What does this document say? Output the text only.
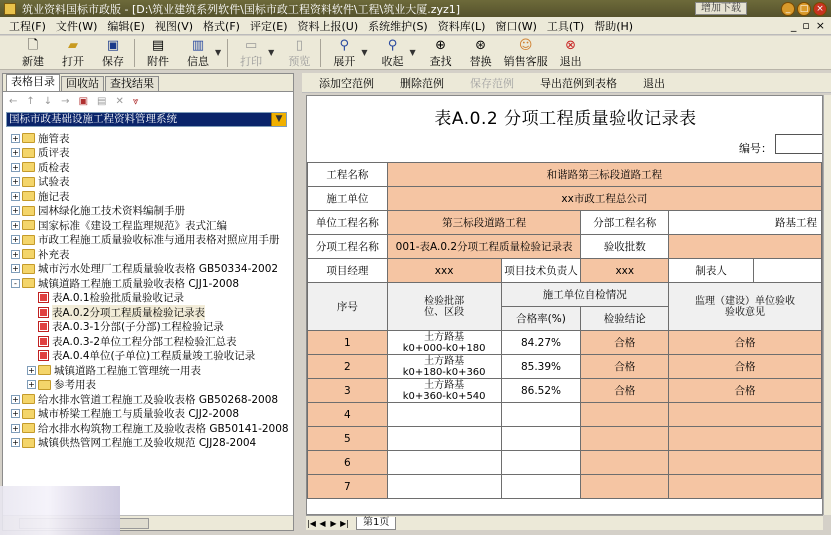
筑业资料国标市政版 - [D:\筑业建筑系列软件\国标市政工程资料软件\工程\筑业大厦.zyz1]	增加下载	_	□ ×
工程(F) 文件(W) 编辑(E) 视图(V) 格式(F) 评定(E) 资料上报(U) 系统维护(S) 资料库(L) 窗口(W) 工具(T) 帮助(H)	_ ▫ ×
🗋
新建
▰
打开
▣
保存
▤
附件
▥
信息
▼ ▭
打印
▼	▯
预览
⚲
展开
▼ ⚲
收起
▼ ⊕
查找
⊛
替换
☺
销售客服
⊗
退出
表格目录	回收站	查找结果
← ↑ ↓ → ▣ ▤ ✕ ⩔
国标市政基础设施工程资料管理系统	▼
+ 施管表
+ 质评表
+ 质检表
+ 试验表
+ 施记表
+ 园林绿化施工技术资料编制手册
+ 国家标准《建设工程监理规范》表式汇编
+ 市政工程施工质量验收标准与通用表格对照应用手册
+ 补充表
+ 城市污水处理厂工程质量验收表格 GB50334-2002
- 城镇道路工程施工质量验收表格 CJJ1-2008
表A.0.1检验批质量验收记录
表A.0.2分项工程质量检验记录表
表A.0.3-1分部(子分部)工程检验记录
表A.0.3-2单位工程分部工程检验汇总表
表A.0.4单位(子单位)工程质量竣工验收记录
+ 城镇道路工程施工管理统一用表
+ 参考用表
+ 给水排水管道工程施工及验收表格 GB50268-2008
+ 城市桥梁工程施工与质量验收表 CJJ2-2008
+ 给水排水构筑物工程施工及验收表格 GB50141-2008
+ 城镇供热管网工程施工及验收规范 CJJ28-2004
添加空范例 删除范例 保存范例 导出范例到表格 退出
表A.0.2 分项工程质量验收记录表
编号：
工程名称	和谐路第三标段道路工程				
施工单位	xx市政工程总公司				
单位工程名称	第三标段道路工程		分部工程名称	路基工程	
分项工程名称	001-表A.0.2分项工程质量检验记录表		验收批数		
项目经理	xxx	项目技术负责人	xxx	制表人	
序号	检验批部
位、区段	施工单位自检情况		监理（建设）单位验收
验收意见	
		合格率(%)	检验结论		
1	土方路基
k0+000-k0+180	84.27%	合格	合格	
2	土方路基
k0+180-k0+360	85.39%	合格	合格	
3	土方路基
k0+360-k0+540	86.52%	合格	合格	
4					
5					
6					
7					
|◀ ◀ ▶ ▶|	第1页
